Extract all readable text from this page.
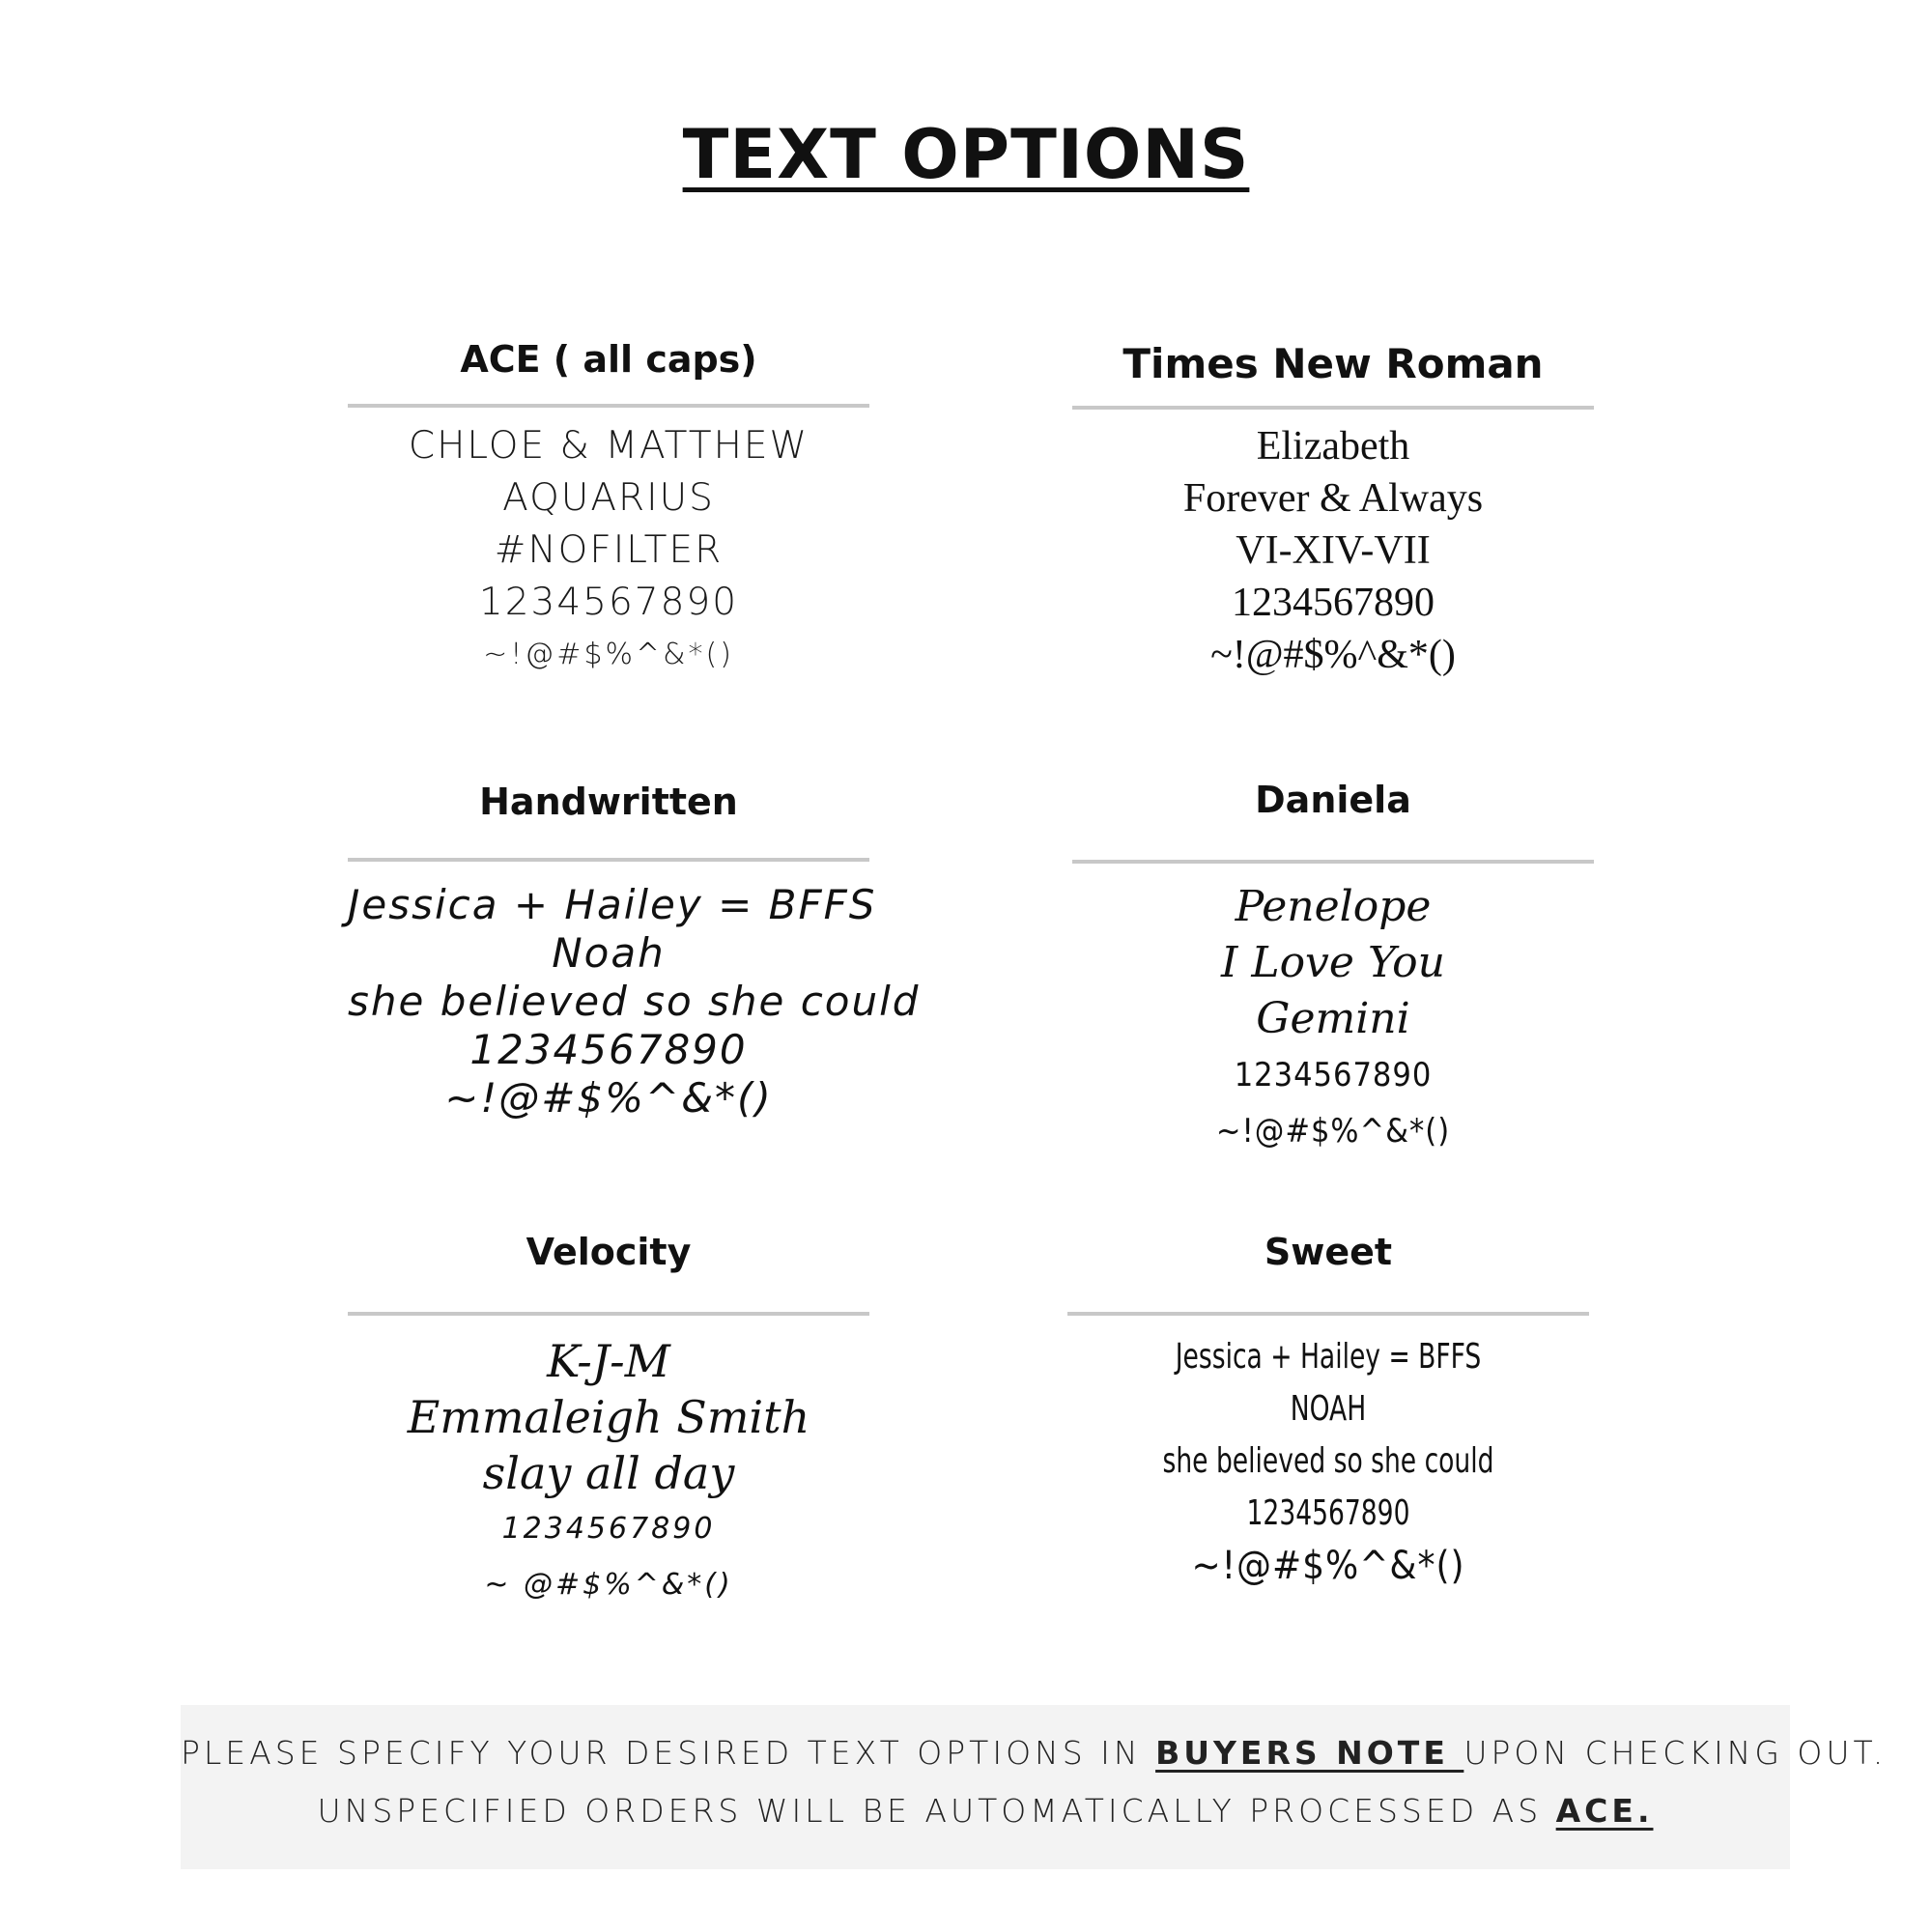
TEXT OPTIONS
ACE ( all caps)
CHLOE & MATTHEW
AQUARIUS
#NOFILTER
1234567890
~!@#$%^&*()
Times New Roman
Elizabeth
Forever & Always
VI-XIV-VII
1234567890
~!@#$%^&*()
Handwritten
Jessica + Hailey = BFFS
Noah
she believed so she could
1234567890
~!@#$%^&*()
Daniela
Penelope
I Love You
Gemini
1234567890
~!@#$%^&*()
Velocity
K-J-M
Emmaleigh Smith
slay all day
1234567890
~ @#$%^&*()
Sweet
Jessica + Hailey = BFFS
NOAH
she believed so she could
1234567890
~!@#$%^&*()

PLEASE SPECIFY YOUR DESIRED TEXT OPTIONS IN BUYERS NOTE UPON CHECKING OUT.

UNSPECIFIED ORDERS WILL BE AUTOMATICALLY PROCESSED AS ACE.
